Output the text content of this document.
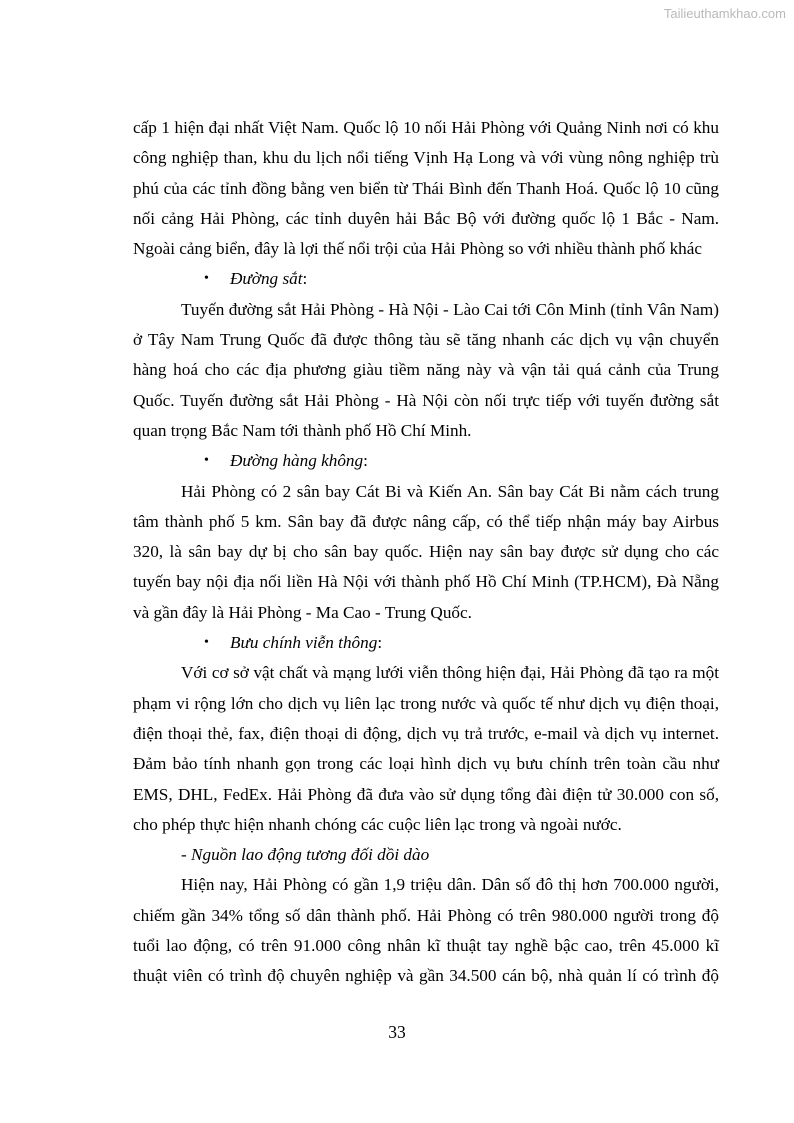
Tailieuthamkhao.com

cấp 1 hiện đại nhất Việt Nam. Quốc lộ 10 nối Hải Phòng với Quảng Ninh nơi có khu công nghiệp than, khu du lịch nổi tiếng Vịnh Hạ Long và với vùng nông nghiệp trù phú của các tỉnh đồng bằng ven biển từ Thái Bình đến Thanh Hoá. Quốc lộ 10 cũng nối cảng Hải Phòng, các tỉnh duyên hải Bắc Bộ với đường quốc lộ 1 Bắc - Nam. Ngoài cảng biển, đây là lợi thế nổi trội của Hải Phòng so với nhiều thành phố khác

• Đường sắt:

Tuyến đường sắt Hải Phòng - Hà Nội - Lào Cai tới Côn Minh (tỉnh Vân Nam) ở Tây Nam Trung Quốc đã được thông tàu sẽ tăng nhanh các dịch vụ vận chuyển hàng hoá cho các địa phương giàu tiềm năng này và vận tải quá cảnh của Trung Quốc. Tuyến đường sắt Hải Phòng - Hà Nội còn nối trực tiếp với tuyến đường sắt quan trọng Bắc Nam tới thành phố Hồ Chí Minh.

• Đường hàng không:

Hải Phòng có 2 sân bay Cát Bi và Kiến An. Sân bay Cát Bi nằm cách trung tâm thành phố 5 km. Sân bay đã được nâng cấp, có thể tiếp nhận máy bay Airbus 320, là sân bay dự bị cho sân bay quốc. Hiện nay sân bay được sử dụng cho các tuyến bay nội địa nối liền Hà Nội với thành phố Hồ Chí Minh (TP.HCM), Đà Nẵng và gần đây là Hải Phòng - Ma Cao - Trung Quốc.

• Bưu chính viễn thông:

Với cơ sở vật chất và mạng lưới viễn thông hiện đại, Hải Phòng đã tạo ra một phạm vi rộng lớn cho dịch vụ liên lạc trong nước và quốc tế như dịch vụ điện thoại, điện thoại thẻ, fax, điện thoại di động, dịch vụ trả trước, e-mail và dịch vụ internet. Đảm bảo tính nhanh gọn trong các loại hình dịch vụ bưu chính trên toàn cầu như EMS, DHL, FedEx. Hải Phòng đã đưa vào sử dụng tổng đài điện tử 30.000 con số, cho phép thực hiện nhanh chóng các cuộc liên lạc trong và ngoài nước.

- Nguồn lao động tương đối dồi dào

Hiện nay, Hải Phòng có gần 1,9 triệu dân. Dân số đô thị hơn 700.000 người, chiếm gần 34% tổng số dân thành phố. Hải Phòng có trên 980.000 người trong độ tuổi lao động, có trên 91.000 công nhân kĩ thuật tay nghề bậc cao, trên 45.000 kĩ thuật viên có trình độ chuyên nghiệp và gần 34.500 cán bộ, nhà quản lí có trình độ

33
